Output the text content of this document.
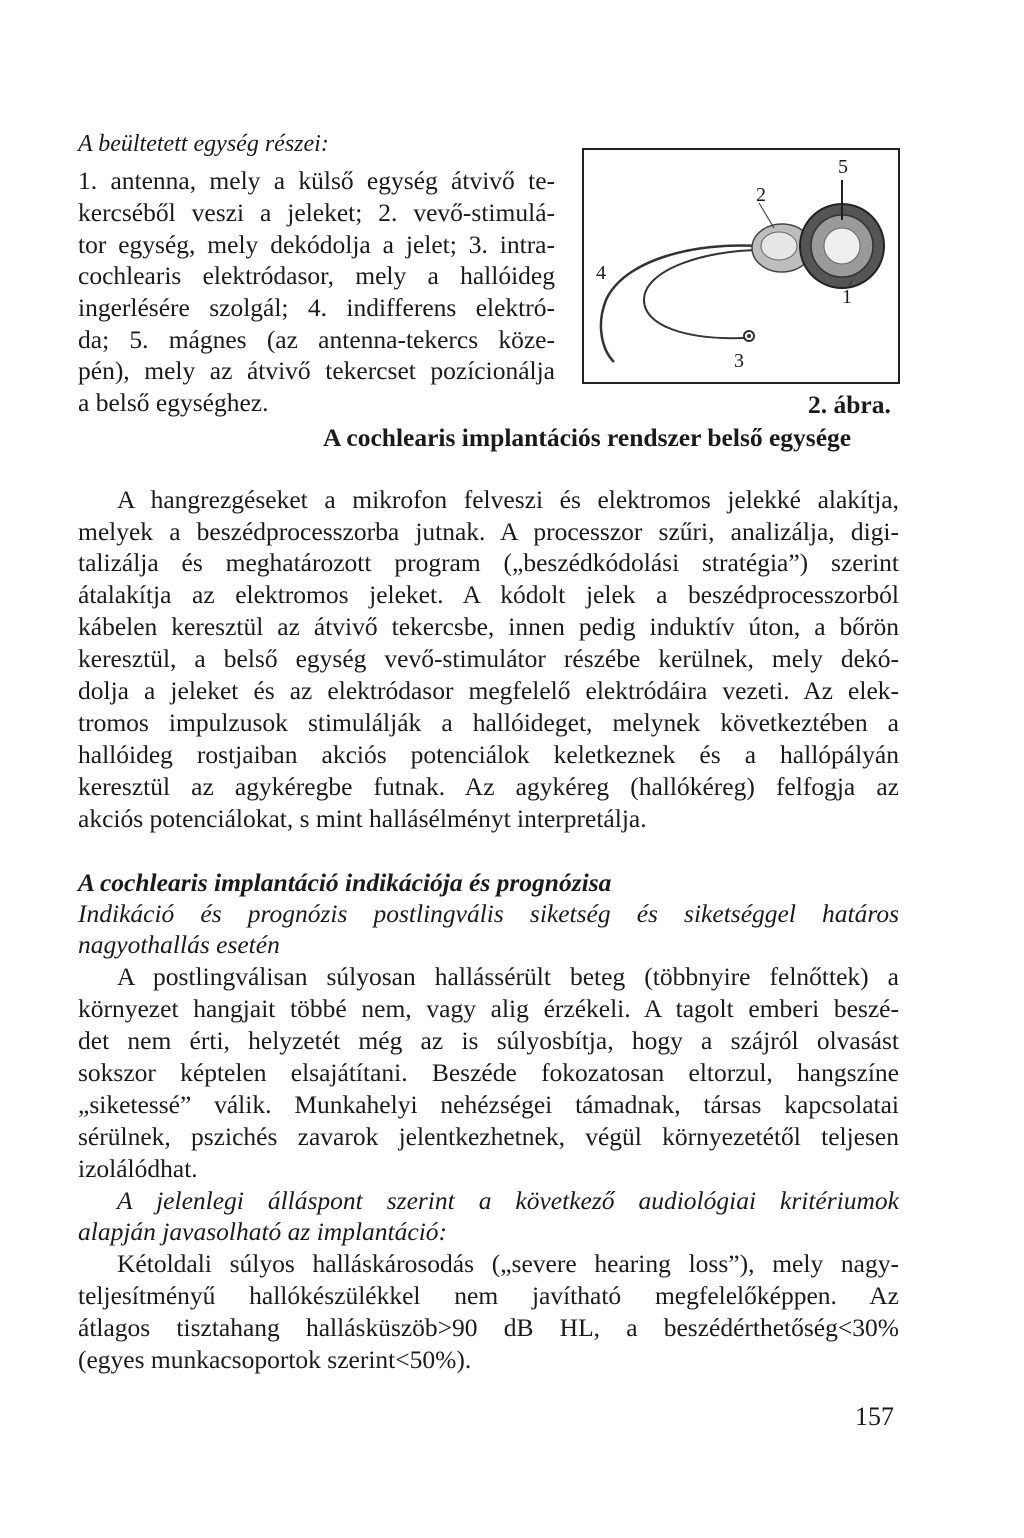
A beültetett egység részei:
1. antenna, mely a külső egység átvivő te-
kercséből veszi a jeleket; 2. vevő-stimulá-
tor egység, mely dekódolja a jelet; 3. intra-
cochlearis elektródasor, mely a hallóideg
ingerlésére szolgál; 4. indifferens elektró-
da; 5. mágnes (az antenna-tekercs köze-
pén), mely az átvivő tekercset pozícionálja
a belső egységhez.
5
2
4
1
3
2. ábra.
A cochlearis implantációs rendszer belső egysége
A hangrezgéseket a mikrofon felveszi és elektromos jelekké alakítja,
melyek a beszédprocesszorba jutnak. A processzor szűri, analizálja, digi-
talizálja és meghatározott program („beszédkódolási stratégia”) szerint
átalakítja az elektromos jeleket. A kódolt jelek a beszédprocesszorból
kábelen keresztül az átvivő tekercsbe, innen pedig induktív úton, a bőrön
keresztül, a belső egység vevő-stimulátor részébe kerülnek, mely dekó-
dolja a jeleket és az elektródasor megfelelő elektródáira vezeti. Az elek-
tromos impulzusok stimulálják a hallóideget, melynek következtében a
hallóideg rostjaiban akciós potenciálok keletkeznek és a hallópályán
keresztül az agykéregbe futnak. Az agykéreg (hallókéreg) felfogja az
akciós potenciálokat, s mint hallásélményt interpretálja.
A cochlearis implantáció indikációja és prognózisa
Indikáció és prognózis postlingvális siketség és siketséggel határos
nagyothallás esetén
A postlingválisan súlyosan hallássérült beteg (többnyire felnőttek) a
környezet hangjait többé nem, vagy alig érzékeli. A tagolt emberi beszé-
det nem érti, helyzetét még az is súlyosbítja, hogy a szájról olvasást
sokszor képtelen elsajátítani. Beszéde fokozatosan eltorzul, hangszíne
„siketessé” válik. Munkahelyi nehézségei támadnak, társas kapcsolatai
sérülnek, pszichés zavarok jelentkezhetnek, végül környezetétől teljesen
izolálódhat.
A jelenlegi álláspont szerint a következő audiológiai kritériumok
alapján javasolható az implantáció:
Kétoldali súlyos halláskárosodás („severe hearing loss”), mely nagy-
teljesítményű hallókészülékkel nem javítható megfelelőképpen. Az
átlagos tisztahang hallásküszöb>90 dB HL, a beszédérthetőség<30%
(egyes munkacsoportok szerint<50%).
157
